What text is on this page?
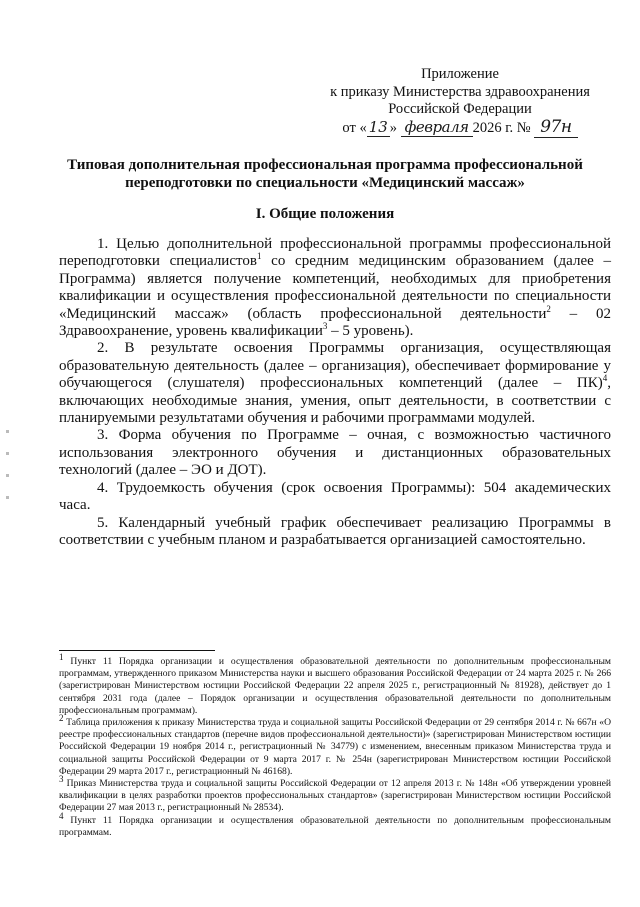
Приложение
к приказу Министерства здравоохранения
Российской Федерации
от « 13 » февраля 2026 г. № 97н
Типовая дополнительная профессиональная программа профессиональной переподготовки по специальности «Медицинский массаж»
I. Общие положения

1. Целью дополнительной профессиональной программы профессиональной переподготовки специалистов$^1$ со средним медицинским образованием (далее – Программа) является получение компетенций, необходимых для приобретения квалификации и осуществления профессиональной деятельности по специальности «Медицинский массаж» (область профессиональной деятельности$^2$ – 02 Здравоохранение, уровень квалификации$^3$ – 5 уровень).

2. В результате освоения Программы организация, осуществляющая образовательную деятельность (далее – организация), обеспечивает формирование у обучающегося (слушателя) профессиональных компетенций (далее – ПК)$^4$, включающих необходимые знания, умения, опыт деятельности, в соответствии с планируемыми результатами обучения и рабочими программами модулей.

3. Форма обучения по Программе – очная, с возможностью частичного использования электронного обучения и дистанционных образовательных технологий (далее – ЭО и ДОТ).

4. Трудоемкость обучения (срок освоения Программы): 504 академических часа.

5. Календарный учебный график обеспечивает реализацию Программы в соответствии с учебным планом и разрабатывается организацией самостоятельно.

$^1$ Пункт 11 Порядка организации и осуществления образовательной деятельности по дополнительным профессиональным программам, утвержденного приказом Министерства науки и высшего образования Российской Федерации от 24 марта 2025 г. № 266 (зарегистрирован Министерством юстиции Российской Федерации 22 апреля 2025 г., регистрационный № 81928), действует до 1 сентября 2031 года (далее – Порядок организации и осуществления образовательной деятельности по дополнительным профессиональным программам).

$^2$ Таблица приложения к приказу Министерства труда и социальной защиты Российской Федерации от 29 сентября 2014 г. № 667н «О реестре профессиональных стандартов (перечне видов профессиональной деятельности)» (зарегистрирован Министерством юстиции Российской Федерации 19 ноября 2014 г., регистрационный № 34779) с изменением, внесенным приказом Министерства труда и социальной защиты Российской Федерации от 9 марта 2017 г. № 254н (зарегистрирован Министерством юстиции Российской Федерации 29 марта 2017 г., регистрационный № 46168).

$^3$ Приказ Министерства труда и социальной защиты Российской Федерации от 12 апреля 2013 г. № 148н «Об утверждении уровней квалификации в целях разработки проектов профессиональных стандартов» (зарегистрирован Министерством юстиции Российской Федерации 27 мая 2013 г., регистрационный № 28534).

$^4$ Пункт 11 Порядка организации и осуществления образовательной деятельности по дополнительным профессиональным программам.
